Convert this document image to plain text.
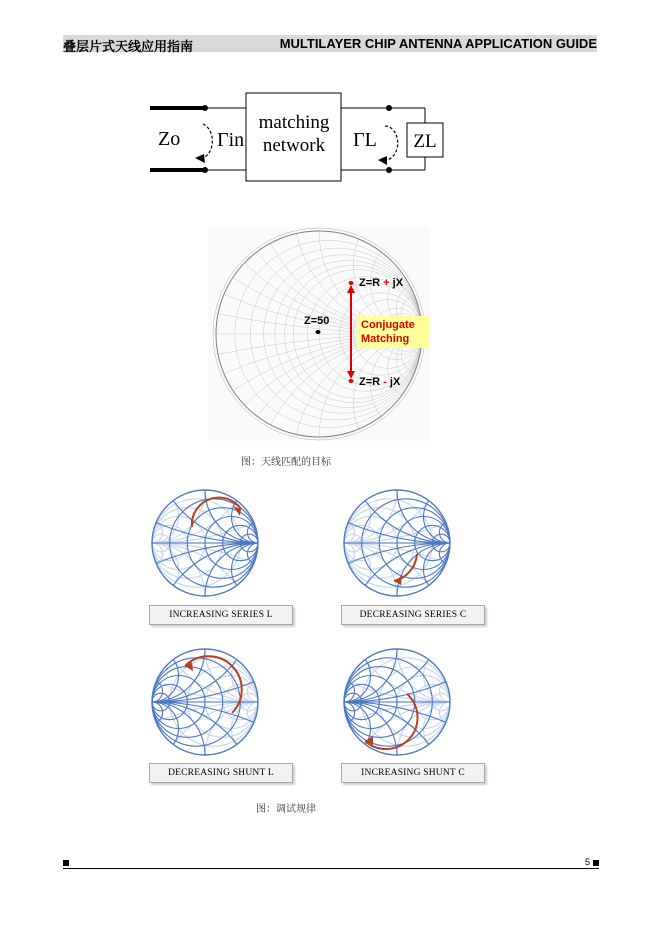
叠层片式天线应用指南	MULTILAYER CHIP ANTENNA APPLICATION GUIDE
matching
network	ZL
Zo Γin	ΓL
Z=R + jX
Z=50	Conjugate
Matching
Z=R - jX
图：天线匹配的目标
INCREASING SERIES L	DECREASING SERIES C
DECREASING SHUNT L	INCREASING SHUNT C
图：调试规律
5
